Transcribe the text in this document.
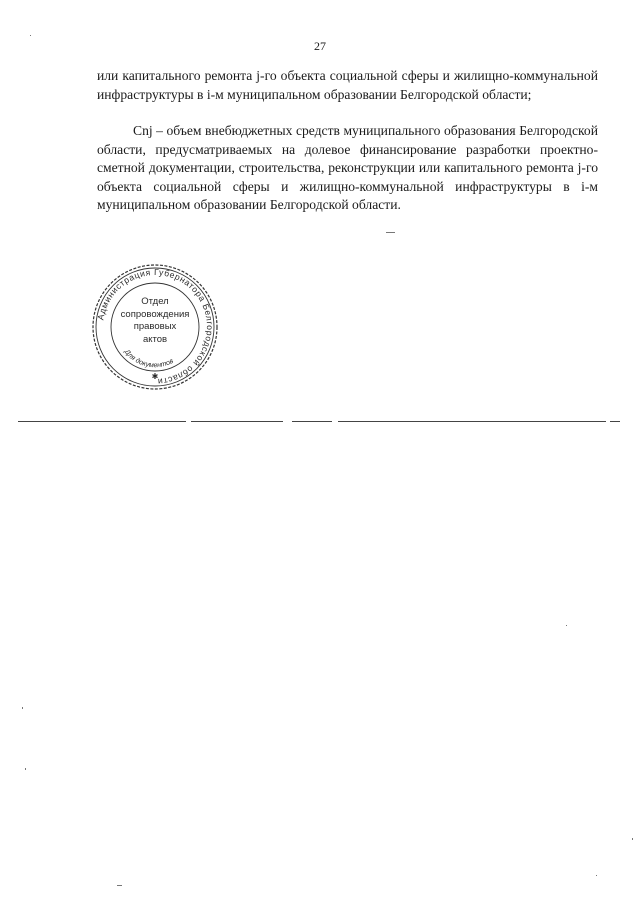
27

или капитального ремонта j-го объекта социальной сферы и жилищно-коммунальной инфраструктуры в i-м муниципальном образовании Белгородской области;

Cnj – объем внебюджетных средств муниципального образования Белгородской области, предусматриваемых на долевое финансирование разработки проектно-сметной документации, строительства, реконструкции или капитального ремонта j-го объекта социальной сферы и жилищно-коммунальной инфраструктуры в i-м муниципальном образовании Белгородской области.

Администрация Губернатора Белгородской области
Для документов
✱
Отдел
сопровождения
правовых
актов
